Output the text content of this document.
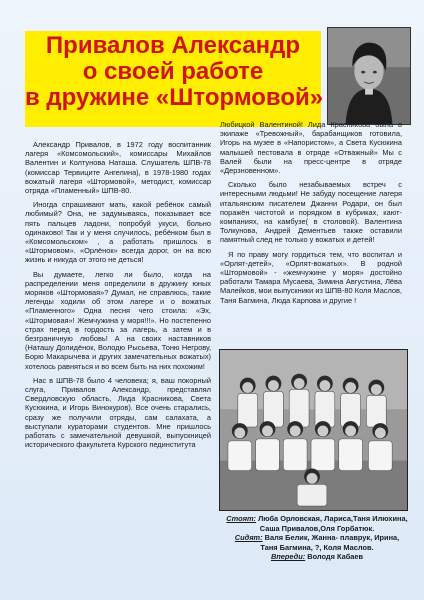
Привалов Александр
о своей работе
в дружине «Штормовой»

Александр Привалов, в 1972 году воспитанник лагеря «Комсомольский», комиссары Михайлов Валентин и Колтунова Наташа. Слушатель ШПВ-78 (комиссар Тервиците Ангелина), в 1978-1980 годах вожатый лагеря «Штормовой», методист, комиссар отряда «Пламенный» ШПВ-80.

Иногда спрашивают мать, какой ребёнок самый любимый? Она, не задумываясь, показывает все пять пальцев ладони, попробуй укуси, больно одинаково! Так и у меня случилось, ребёнком был в «Комсомольском» , а работать пришлось в «Штормовом». «Орлёнок» всегда дорог, он на всю жизнь и никуда от этого не деться!

Вы думаете, легко ли было, когда на распределении меня определили в дружину юных моряков «Штормовая»? Думал, не справлюсь, такие легенды ходили об этом лагере и о вожатых «Пламенного» Одна песня чего стоила: «Эх, «Штормовая»! Жемчужина у моря!!!». Но постепенно страх перед в гордость за лагерь, а затем и в безграничную любовь! А на своих наставников (Наташу Долидёнок, Володю Рысьева, Тоню Негрову, Борю Макарычева и других замечательных вожатых) хотелось равняться и во всем быть на них похожим!

Нас в ШПВ-78 было 4 человека; я, ваш покорный слуга, Привалов Александр, представлял Свердловскую область, Лида Красникова, Света Кусюкина, и Игорь Винокуров). Все очень старались, сразу же получили отряды, сам салахата, а выступали кураторами студентов. Мне пришлось работать с замечательной девушкой, выпускницей исторического факультета Курского пединститута

Любицкой Валентиной! Лида Красникова была в экипаже «Тревожный», барабанщиков готовила, Игорь на музее в «Напористом», а Света Кусюкина малышей пестовала в отряде «Отважный» Мы с Валей были на пресс-центре в отряде «Дерзновенном».

Сколько было незабываемых встреч с интересными людьми! Не забуду посещение лагеря итальянским писателем Джанни Родари, он был поражён чистотой и порядком в кубриках, кают-компаниях, на камбузе( в столовой). Валентина Толкунова, Андрей Дементьев также оставили памятный след не только у вожатых и детей!

Я по праву могу гордиться тем, что воспитал и «Орлят-детей», «Орлят-вожатых». В родной «Штормовой» - «жемчужине у моря» достойно работали Тамара Мусаева, Зимина Августина, Лёва Малейков, мои выпускники из ШПВ-80 Коля Маслов, Таня Багмина, Люда Карпова и другие !

Стоят: Люба Орловская, Лариса,Таня Илюхина, Саша Привалов,Оля Горбатюк.
Сидят: Валя Белик, Жанна- плаврук, Ирина, Таня Багмина, ?, Коля Маслов.
Впереди: Володя Кабаев
